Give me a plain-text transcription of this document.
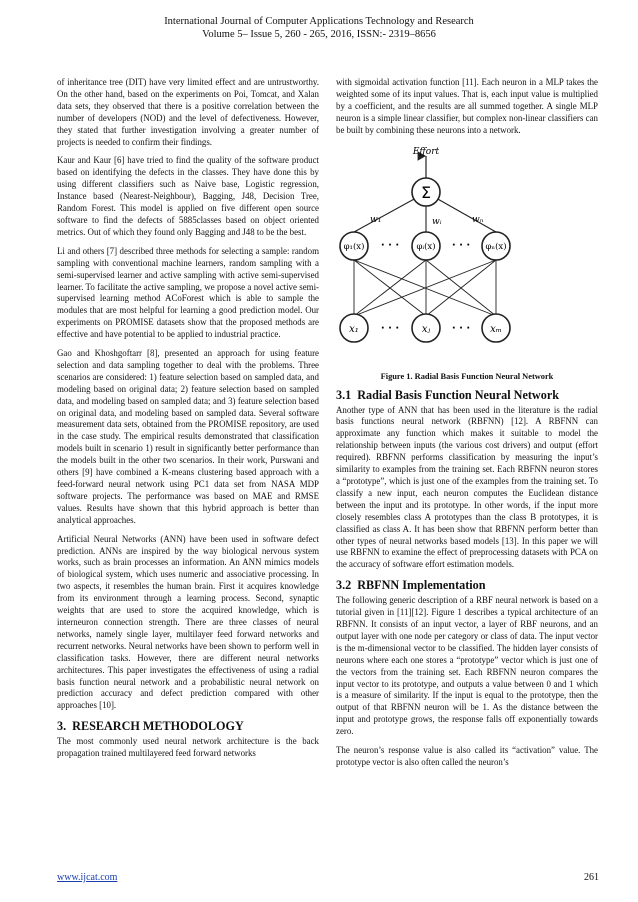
International Journal of Computer Applications Technology and Research
Volume 5– Issue 5, 260 - 265, 2016, ISSN:- 2319–8656

of inheritance tree (DIT) have very limited effect and are untrustworthy. On the other hand, based on the experiments on Poi, Tomcat, and Xalan data sets, they observed that there is a positive correlation between the number of developers (NOD) and the level of defectiveness. However, they stated that further investigation involving a greater number of projects is needed to confirm their findings.

Kaur and Kaur [6] have tried to find the quality of the software product based on identifying the defects in the classes. They have done this by using different classifiers such as Naive base, Logistic regression, Instance based (Nearest-Neighbour), Bagging, J48, Decision Tree, Random Forest. This model is applied on five different open source software to find the defects of 5885classes based on object oriented metrics. Out of which they found only Bagging and J48 to be the best.

Li and others [7] described three methods for selecting a sample: random sampling with conventional machine learners, random sampling with a semi-supervised learner and active sampling with active semi-supervised learner. To facilitate the active sampling, we propose a novel active semi-supervised learning method ACoForest which is able to sample the modules that are most helpful for learning a good prediction model. Our experiments on PROMISE datasets show that the proposed methods are effective and have potential to be applied to industrial practice.

Gao and Khoshgoftarr [8], presented an approach for using feature selection and data sampling together to deal with the problems. Three scenarios are considered: 1) feature selection based on sampled data, and modeling based on original data; 2) feature selection based on sampled data, and modeling based on sampled data; and 3) feature selection based on original data, and modeling based on sampled data. Several software measurement data sets, obtained from the PROMISE repository, are used in the case study. The empirical results demonstrated that classification models built in scenario 1) result in significantly better performance than the models built in the other two scenarios. In their work, Purswani and others [9] have combined a K-means clustering based approach with a feed-forward neural network using PC1 data set from NASA MDP software projects. The performance was based on MAE and RMSE values. Results have shown that this hybrid approach is better than analytical approaches.

Artificial Neural Networks (ANN) have been used in software defect prediction. ANNs are inspired by the way biological nervous system works, such as brain processes an information. An ANN mimics models of biological system, which uses numeric and associative processing. In two aspects, it resembles the human brain. First it acquires knowledge from its environment through a learning process. Second, synaptic weights that are used to store the acquired knowledge, which is interneuron connection strength. There are three classes of neural networks, namely single layer, multilayer feed forward networks and recurrent networks. Neural networks have been shown to perform well in classification tasks. However, there are different neural networks architectures. This paper investigates the effectiveness of using a radial basis function neural network and a probabilistic neural network on prediction accuracy and defect prediction compared with other approaches [10].

3. RESEARCH METHODOLOGY

The most commonly used neural network architecture is the back propagation trained multilayered feed forward networks

with sigmoidal activation function [11]. Each neuron in a MLP takes the weighted some of its input values. That is, each input value is multiplied by a coefficient, and the results are all summed together. A single MLP neuron is a simple linear classifier, but complex non-linear classifiers can be built by combining these neurons into a network.

Effort
Σ
w₁	wᵢ	wₙ
φ₁(x)	φᵢ(x)	φₙ(x)
· · ·	· · ·
x₁	xⱼ	xₘ
· · ·	· · ·
Figure 1. Radial Basis Function Neural Network
3.1 Radial Basis Function Neural Network

Another type of ANN that has been used in the literature is the radial basis functions neural network (RBFNN) [12]. A RBFNN can approximate any function which makes it suitable to model the relationship between inputs (the various cost drivers) and output (effort required). RBFNN performs classification by measuring the input’s similarity to examples from the training set. Each RBFNN neuron stores a “prototype”, which is just one of the examples from the training set. To classify a new input, each neuron computes the Euclidean distance between the input and its prototype. In other words, if the input more closely resembles class A prototypes than the class B prototypes, it is classified as class A. It has been show that RBFNN perform better than other types of neural networks based models [13]. In this paper we will use RBFNN to examine the effect of preprocessing datasets with PCA on the accuracy of software effort estimation models.

3.2 RBFNN Implementation

The following generic description of a RBF neural network is based on a tutorial given in [11][12]. Figure 1 describes a typical architecture of an RBFNN. It consists of an input vector, a layer of RBF neurons, and an output layer with one node per category or class of data. The input vector is the m-dimensional vector to be classified. The hidden layer consists of neurons where each one stores a “prototype” vector which is just one of the vectors from the training set. Each RBFNN neuron compares the input vector to its prototype, and outputs a value between 0 and 1 which is a measure of similarity. If the input is equal to the prototype, then the output of that RBFNN neuron will be 1. As the distance between the input and prototype grows, the response falls off exponentially towards zero.

The neuron’s response value is also called its “activation” value. The prototype vector is also often called the neuron’s

www.ijcat.com	261
